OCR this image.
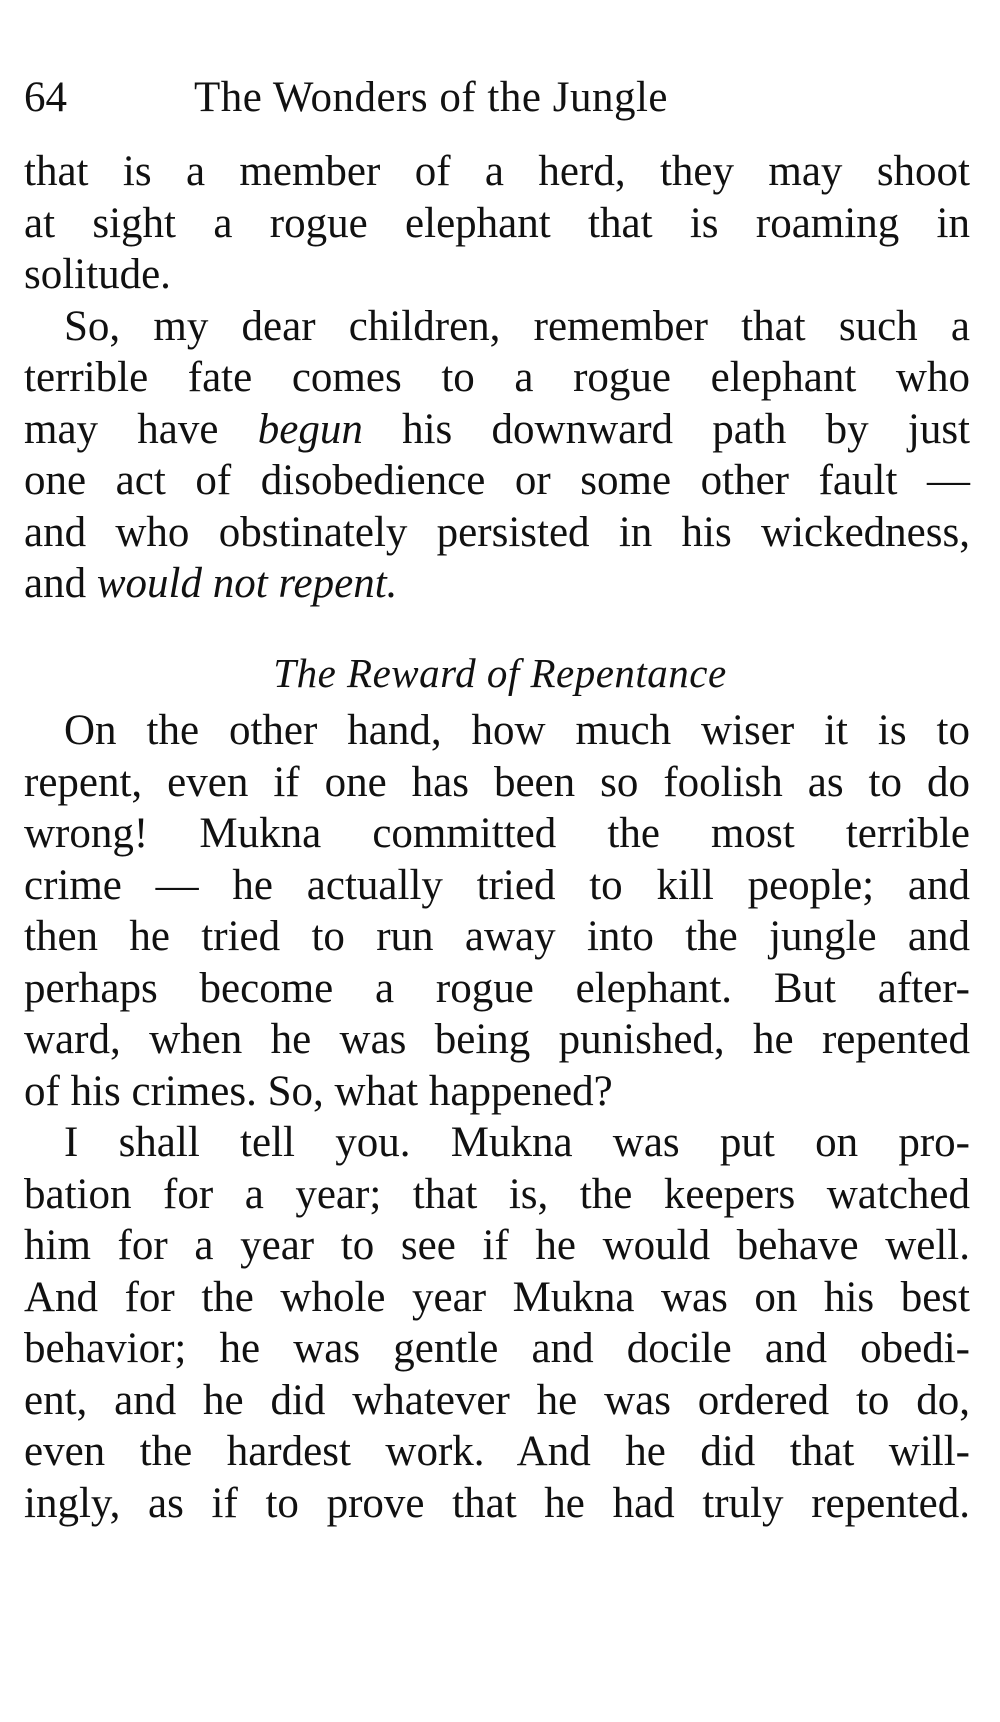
64	The Wonders of the Jungle

that is a member of a herd, they may shoot
at sight a rogue elephant that is roaming in
solitude.

So, my dear children, remember that such a
terrible fate comes to a rogue elephant who
may have begun his downward path by just
one act of disobedience or some other fault —
and who obstinately persisted in his wickedness,
and would not repent.

The Reward of Repentance

On the other hand, how much wiser it is to
repent, even if one has been so foolish as to do
wrong! Mukna committed the most terrible
crime — he actually tried to kill people; and
then he tried to run away into the jungle and
perhaps become a rogue elephant. But after-
ward, when he was being punished, he repented
of his crimes. So, what happened?

I shall tell you. Mukna was put on pro-
bation for a year; that is, the keepers watched
him for a year to see if he would behave well.
And for the whole year Mukna was on his best
behavior; he was gentle and docile and obedi-
ent, and he did whatever he was ordered to do,
even the hardest work. And he did that will-
ingly, as if to prove that he had truly repented.
